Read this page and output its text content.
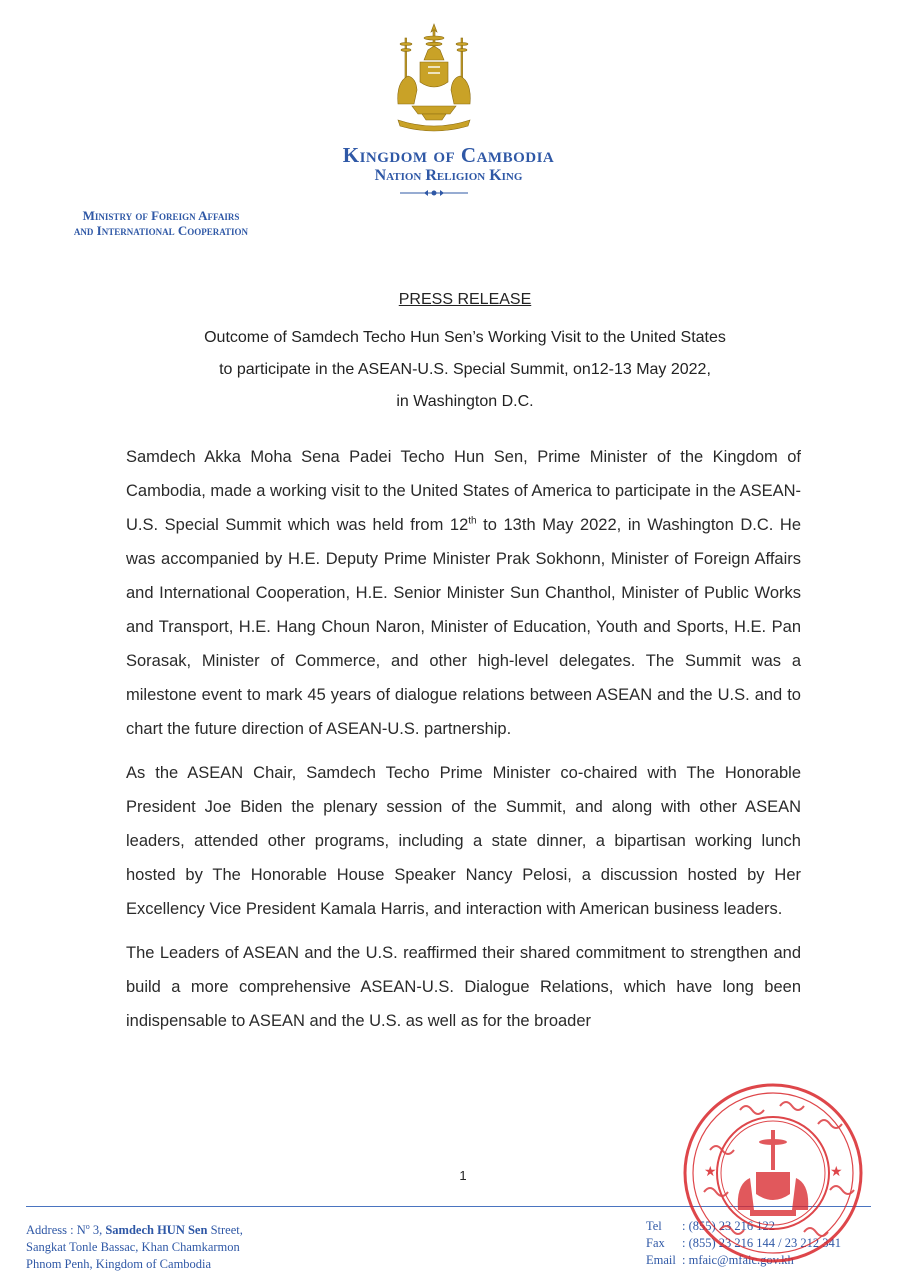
Kingdom of Cambodia
Nation Religion King
Ministry of Foreign Affairs
and International Cooperation
PRESS RELEASE
Outcome of Samdech Techo Hun Sen’s Working Visit to the United States
to participate in the ASEAN-U.S. Special Summit, on12-13 May 2022,
in Washington D.C.

Samdech Akka Moha Sena Padei Techo Hun Sen, Prime Minister of the Kingdom of Cambodia, made a working visit to the United States of America to participate in the ASEAN-U.S. Special Summit which was held from 12th to 13th May 2022, in Washington D.C. He was accompanied by H.E. Deputy Prime Minister Prak Sokhonn, Minister of Foreign Affairs and International Cooperation, H.E. Senior Minister Sun Chanthol, Minister of Public Works and Transport, H.E. Hang Choun Naron, Minister of Education, Youth and Sports, H.E. Pan Sorasak, Minister of Commerce, and other high-level delegates. The Summit was a milestone event to mark 45 years of dialogue relations between ASEAN and the U.S. and to chart the future direction of ASEAN-U.S. partnership.

As the ASEAN Chair, Samdech Techo Prime Minister co-chaired with The Honorable President Joe Biden the plenary session of the Summit, and along with other ASEAN leaders, attended other programs, including a state dinner, a bipartisan working lunch hosted by The Honorable House Speaker Nancy Pelosi, a discussion hosted by Her Excellency Vice President Kamala Harris, and interaction with American business leaders.

The Leaders of ASEAN and the U.S. reaffirmed their shared commitment to strengthen and build a more comprehensive ASEAN-U.S. Dialogue Relations, which have long been indispensable to ASEAN and the U.S. as well as for the broader

1
Address : $N^o$ 3, Samdech HUN Sen Street,
Sangkat Tonle Bassac, Khan Chamkarmon
Phnom Penh, Kingdom of Cambodia
Tel : (855) 23 216 122
Fax : (855) 23 216 144 / 23 212 341
Email : mfaic@mfaic.gov.kh
★	★
